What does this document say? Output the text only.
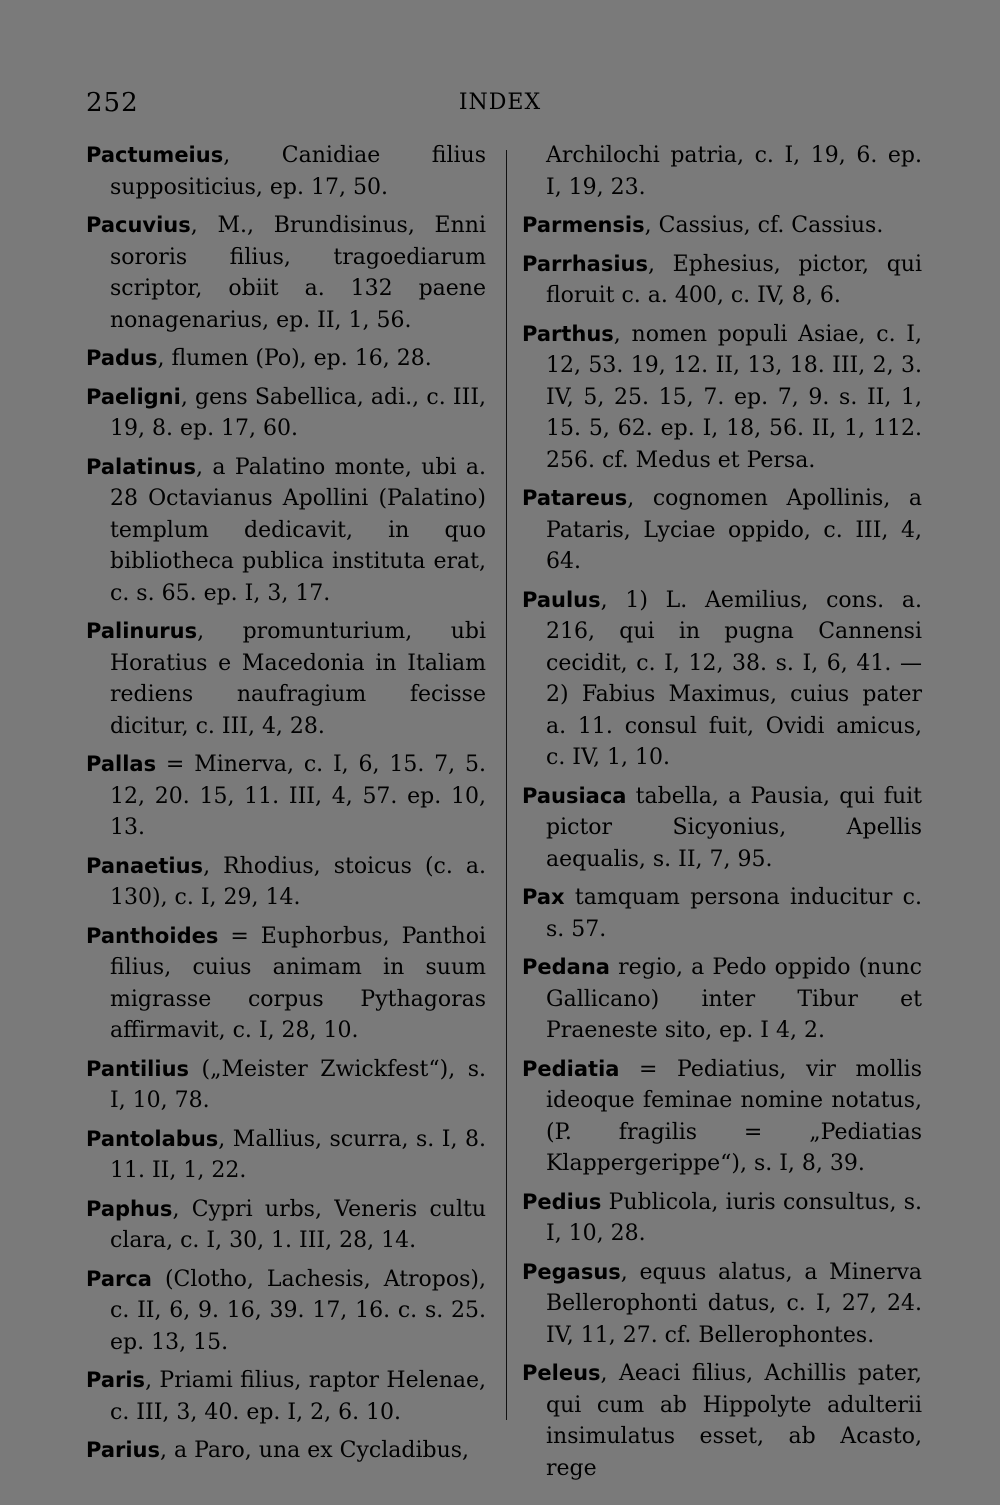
252	INDEX
Pactumeius, Canidiae filius suppositicius, ep. 17, 50.
Pacuvius, M., Brundisinus, Enni sororis filius, tragoediarum scriptor, obiit a. 132 paene nonagenarius, ep. II, 1, 56.
Padus, flumen (Po), ep. 16, 28.
Paeligni, gens Sabellica, adi., c. III, 19, 8. ep. 17, 60.
Palatinus, a Palatino monte, ubi a. 28 Octavianus Apollini (Palatino) templum dedicavit, in quo bibliotheca publica instituta erat, c. s. 65. ep. I, 3, 17.
Palinurus, promunturium, ubi Horatius e Macedonia in Italiam rediens naufragium fecisse dicitur, c. III, 4, 28.
Pallas = Minerva, c. I, 6, 15. 7, 5. 12, 20. 15, 11. III, 4, 57. ep. 10, 13.
Panaetius, Rhodius, stoicus (c. a. 130), c. I, 29, 14.
Panthoides = Euphorbus, Panthoi filius, cuius animam in suum migrasse corpus Pythagoras affirmavit, c. I, 28, 10.
Pantilius („Meister Zwickfest“), s. I, 10, 78.
Pantolabus, Mallius, scurra, s. I, 8. 11. II, 1, 22.
Paphus, Cypri urbs, Veneris cultu clara, c. I, 30, 1. III, 28, 14.
Parca (Clotho, Lachesis, Atropos), c. II, 6, 9. 16, 39. 17, 16. c. s. 25. ep. 13, 15.
Paris, Priami filius, raptor Helenae, c. III, 3, 40. ep. I, 2, 6. 10.
Parius, a Paro, una ex Cycladibus,
Archilochi patria, c. I, 19, 6. ep. I, 19, 23.
Parmensis, Cassius, cf. Cassius.
Parrhasius, Ephesius, pictor, qui floruit c. a. 400, c. IV, 8, 6.
Parthus, nomen populi Asiae, c. I, 12, 53. 19, 12. II, 13, 18. III, 2, 3. IV, 5, 25. 15, 7. ep. 7, 9. s. II, 1, 15. 5, 62. ep. I, 18, 56. II, 1, 112. 256. cf. Medus et Persa.
Patareus, cognomen Apollinis, a Pataris, Lyciae oppido, c. III, 4, 64.
Paulus, 1) L. Aemilius, cons. a. 216, qui in pugna Cannensi cecidit, c. I, 12, 38. s. I, 6, 41. — 2) Fabius Maximus, cuius pater a. 11. consul fuit, Ovidi amicus, c. IV, 1, 10.
Pausiaca tabella, a Pausia, qui fuit pictor Sicyonius, Apellis aequalis, s. II, 7, 95.
Pax tamquam persona inducitur c. s. 57.
Pedana regio, a Pedo oppido (nunc Gallicano) inter Tibur et Praeneste sito, ep. I 4, 2.
Pediatia = Pediatius, vir mollis ideoque feminae nomine notatus, (P. fragilis = „Pediatias Klappergerippe“), s. I, 8, 39.
Pedius Publicola, iuris consultus, s. I, 10, 28.
Pegasus, equus alatus, a Minerva Bellerophonti datus, c. I, 27, 24. IV, 11, 27. cf. Bellerophontes.
Peleus, Aeaci filius, Achillis pater, qui cum ab Hippolyte adulterii insimulatus esset, ab Acasto, rege
